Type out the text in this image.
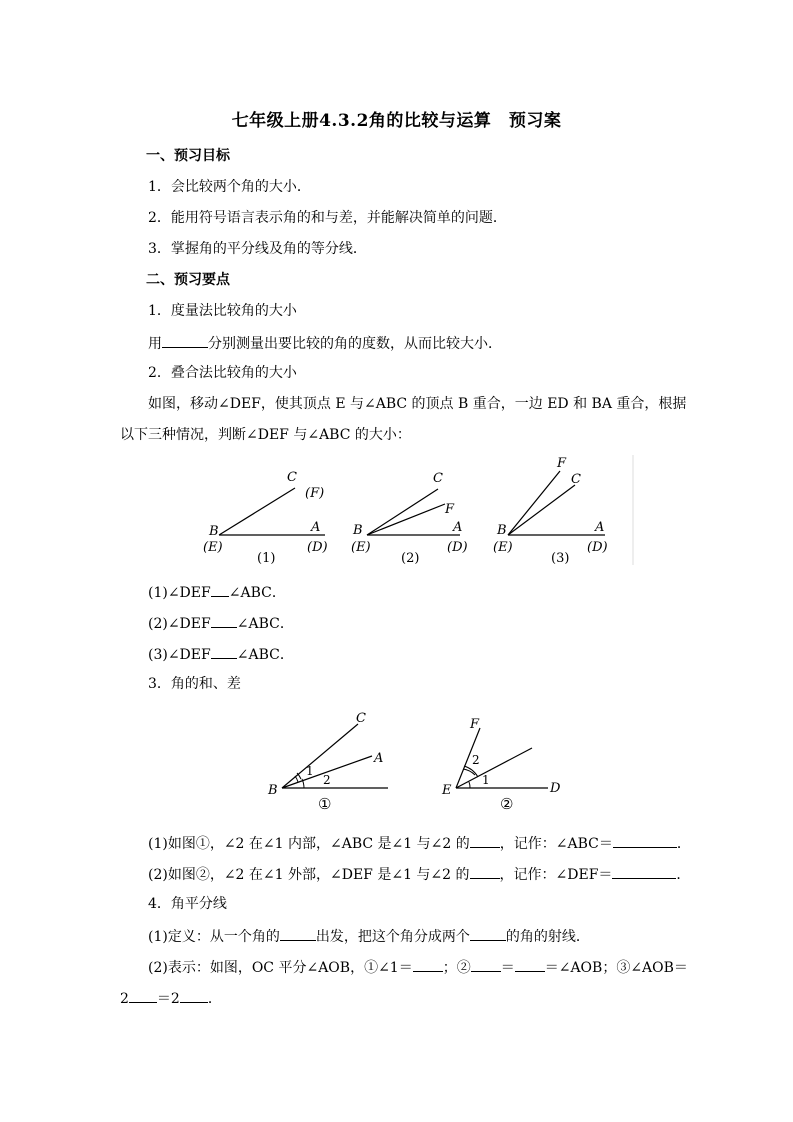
七年级上册4.3.2角的比较与运算　预习案
一、预习目标
1．会比较两个角的大小．
2．能用符号语言表示角的和与差，并能解决简单的问题．
3．掌握角的平分线及角的等分线．
二、预习要点
1．度量法比较角的大小
用	分别测量出要比较的角的度数，从而比较大小．
2．叠合法比较角的大小
如图，移动∠DEF，使其顶点 E 与∠ABC 的顶点 B 重合，一边 ED 和 BA 重合，根据
以下三种情况，判断∠DEF 与∠ABC 的大小：
C
(F)
B	A
(E)	(D)
(1)
C
F
B	A
(E)	(D)
(2)
F
C
B	A
(E)	(D)
(3)
(1)∠DEF ∠ABC．
(2)∠DEF ∠ABC．
(3)∠DEF ∠ABC．
3．角的和、差
C
A
1
2
B
①
F
2
1
E	D
②
(1)如图①，∠2 在∠1 内部，∠ABC 是∠1 与∠2 的 ，记作：∠ABC＝	．
(2)如图②，∠2 在∠1 外部，∠DEF 是∠1 与∠2 的 ，记作：∠DEF＝	．
4．角平分线
(1)定义：从一个角的	出发，把这个角分成两个	的角的射线．
(2)表示：如图，OC 平分∠AOB，①∠1＝ ；② ＝ ＝∠AOB；③∠AOB＝
2 ＝2 ．
